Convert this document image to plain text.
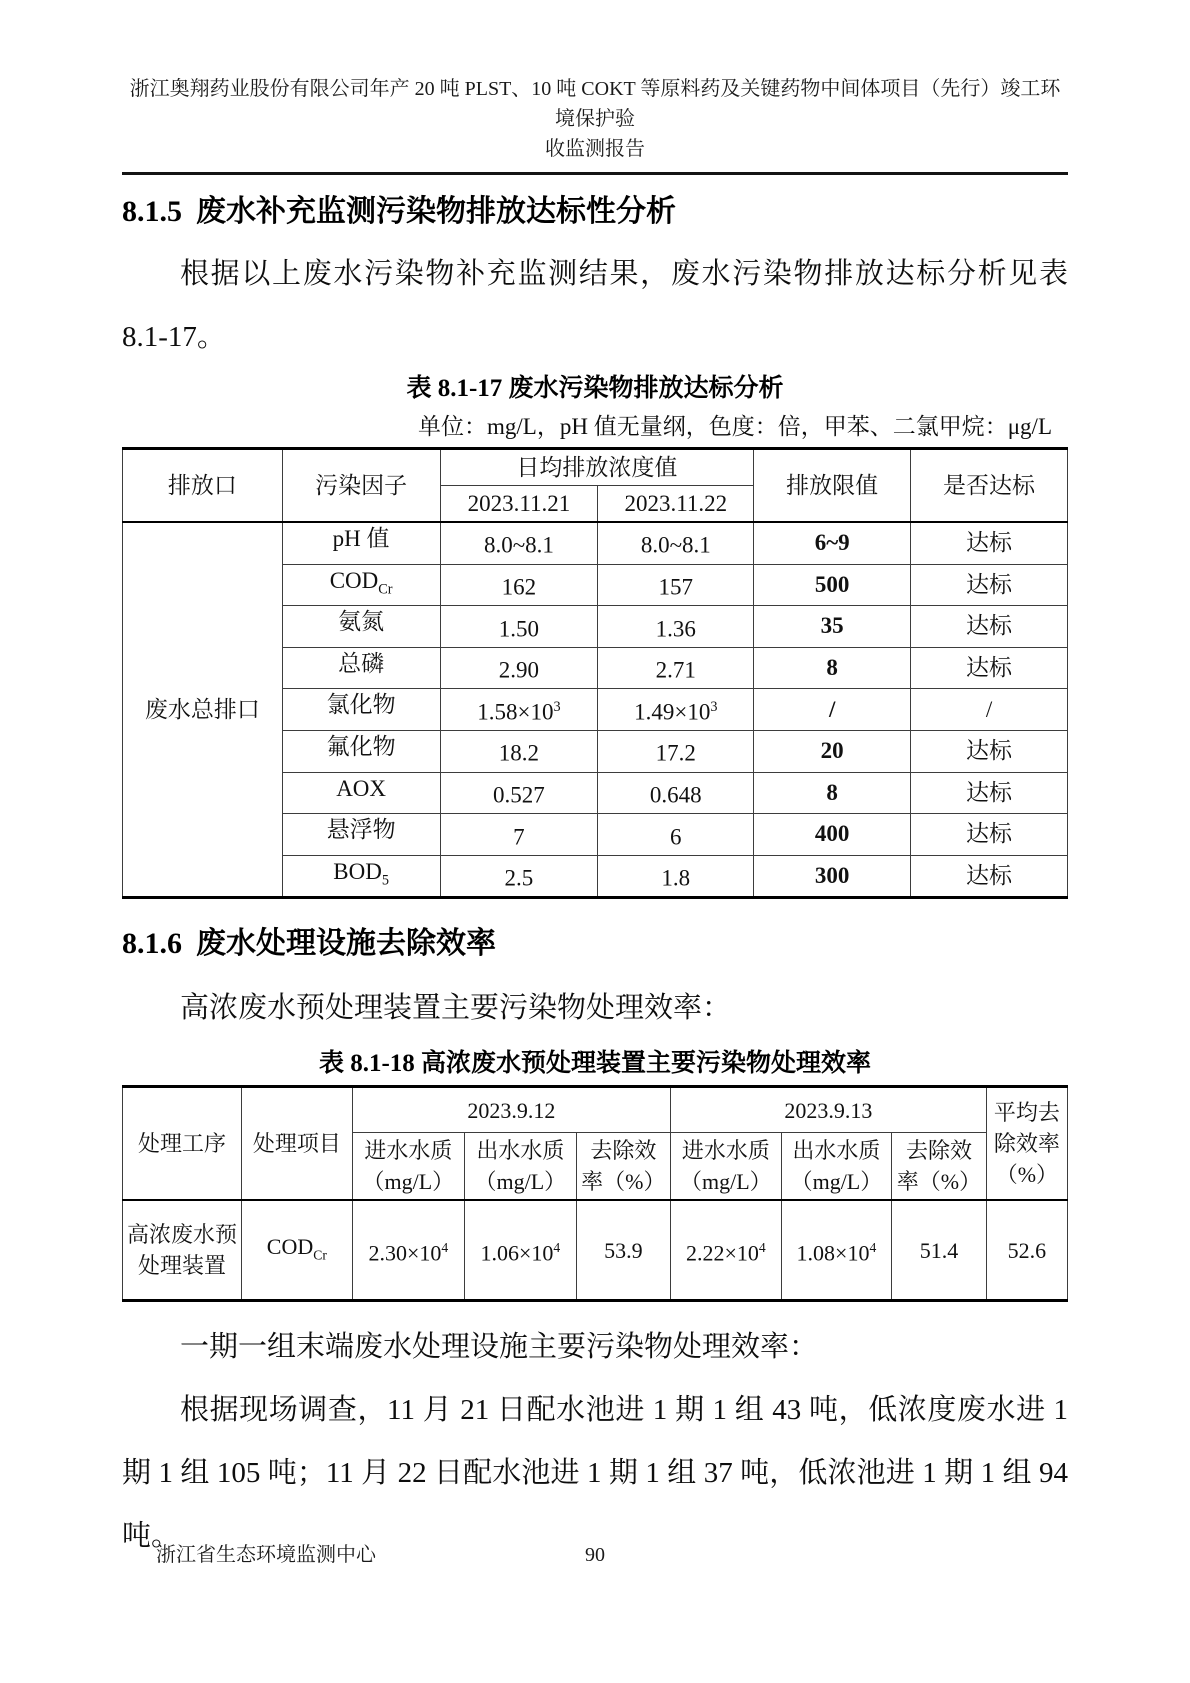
浙江奥翔药业股份有限公司年产 20 吨 PLST、10 吨 COKT 等原料药及关键药物中间体项目（先行）竣工环境保护验
收监测报告
8.1.5 废水补充监测污染物排放达标性分析

根据以上废水污染物补充监测结果，废水污染物排放达标分析见表 8.1-17。

表 8.1-17 废水污染物排放达标分析
单位：mg/L，pH 值无量纲，色度：倍，甲苯、二氯甲烷：μg/L
排放口	污染因子	日均排放浓度值		排放限值	是否达标
		2023.11.21	2023.11.22		
废水总排口	pH 值	8.0~8.1	8.0~8.1	6~9	达标
	$COD_{Cr}$	162	157	500	达标
	氨氮	1.50	1.36	35	达标
	总磷	2.90	2.71	8	达标
	氯化物	$1.58\times 10^3$	$1.49\times 10^3$	/	/
	氟化物	18.2	17.2	20	达标
	AOX	0.527	0.648	8	达标
	悬浮物	7	6	400	达标
	$BOD_5$	2.5	1.8	300	达标
8.1.6 废水处理设施去除效率

高浓废水预处理装置主要污染物处理效率：

表 8.1-18 高浓废水预处理装置主要污染物处理效率
处理工序	处理项目	2023.9.12			2023.9.13			平均去除效率（%）
		进水水质（mg/L）	出水水质（mg/L）	去除效率（%）	进水水质（mg/L）	出水水质（mg/L）	去除效率（%）	
高浓废水预处理装置	$COD_{Cr}$	$2.30\times 10^4$	$1.06\times 10^4$	53.9	$2.22\times 10^4$	$1.08\times 10^4$	51.4	52.6

一期一组末端废水处理设施主要污染物处理效率：

根据现场调查，11 月 21 日配水池进 1 期 1 组 43 吨，低浓度废水进 1 期 1 组 105 吨；11 月 22 日配水池进 1 期 1 组 37 吨，低浓池进 1 期 1 组 94 吨。

90
浙江省生态环境监测中心
